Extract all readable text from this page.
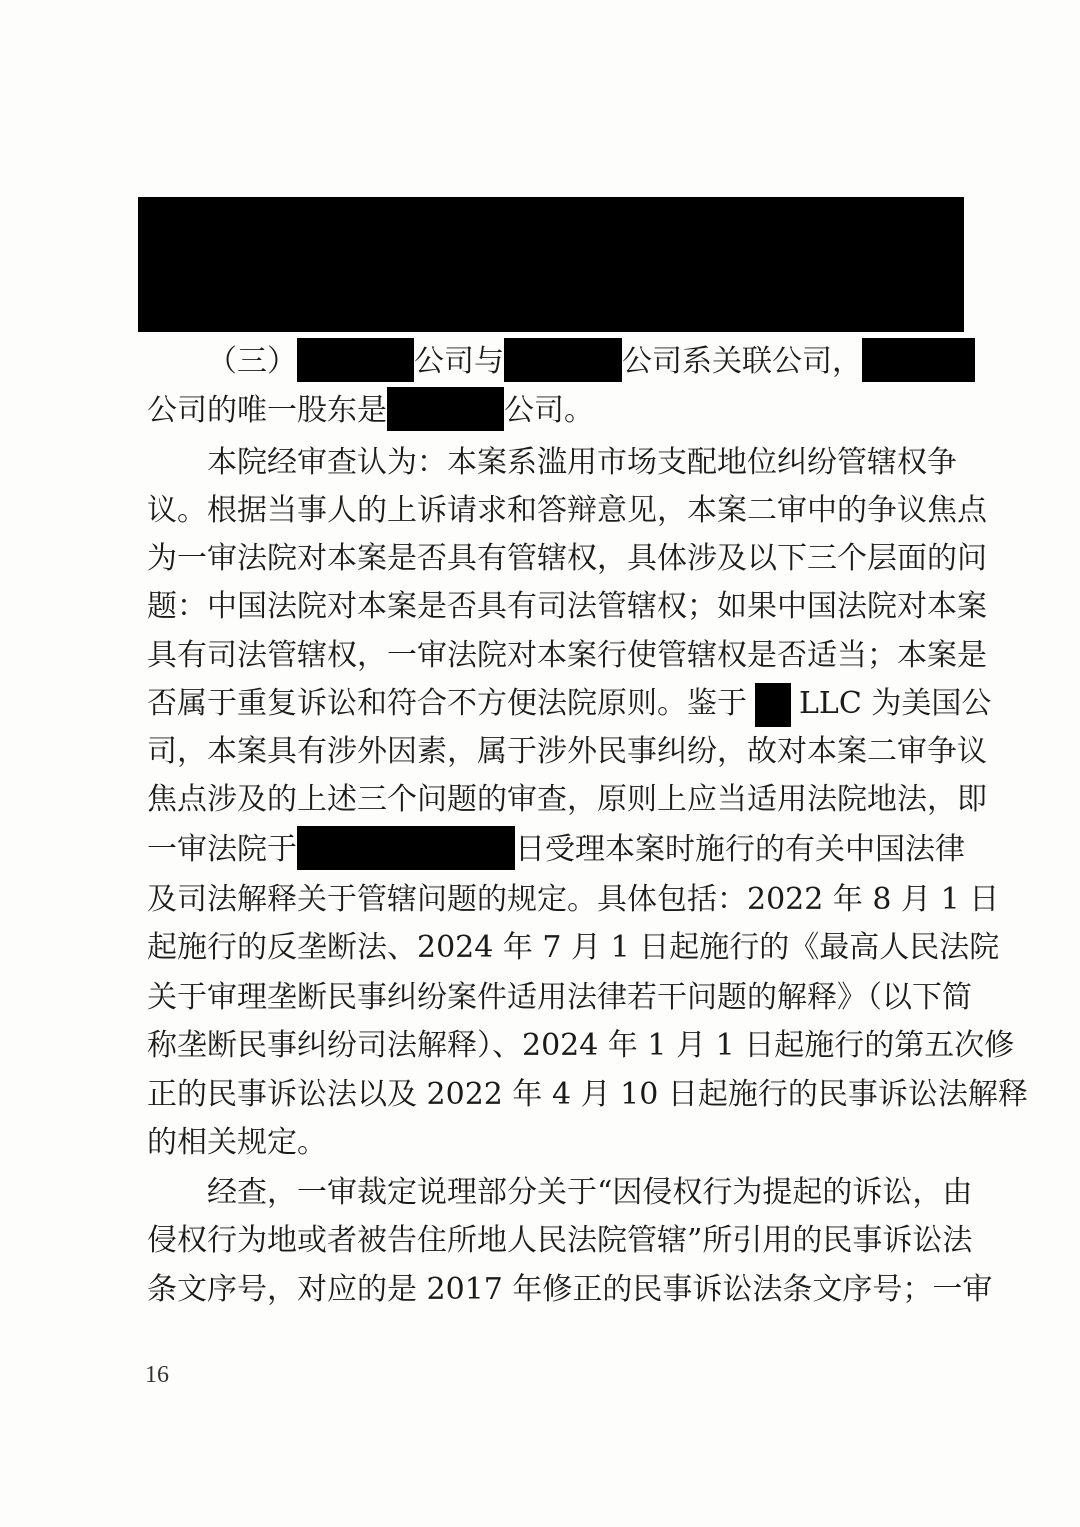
（三）	公司与	公司系关联公司，
公司的唯一股东是	公司。
本院经审查认为：本案系滥用市场支配地位纠纷管辖权争
议。根据当事人的上诉请求和答辩意见，本案二审中的争议焦点
为一审法院对本案是否具有管辖权，具体涉及以下三个层面的问
题：中国法院对本案是否具有司法管辖权；如果中国法院对本案
具有司法管辖权，一审法院对本案行使管辖权是否适当；本案是
否属于重复诉讼和符合不方便法院原则。鉴于 LLC 为美国公
司，本案具有涉外因素，属于涉外民事纠纷，故对本案二审争议
焦点涉及的上述三个问题的审查，原则上应当适用法院地法，即
一审法院于	日受理本案时施行的有关中国法律
及司法解释关于管辖问题的规定。具体包括：2022 年 8 月 1 日
起施行的反垄断法、2024 年 7 月 1 日起施行的《最高人民法院
关于审理垄断民事纠纷案件适用法律若干问题的解释》（以下简
称垄断民事纠纷司法解释）、2024 年 1 月 1 日起施行的第五次修
正的民事诉讼法以及 2022 年 4 月 10 日起施行的民事诉讼法解释
的相关规定。
经查，一审裁定说理部分关于“因侵权行为提起的诉讼，由
侵权行为地或者被告住所地人民法院管辖”所引用的民事诉讼法
条文序号，对应的是 2017 年修正的民事诉讼法条文序号；一审
16
